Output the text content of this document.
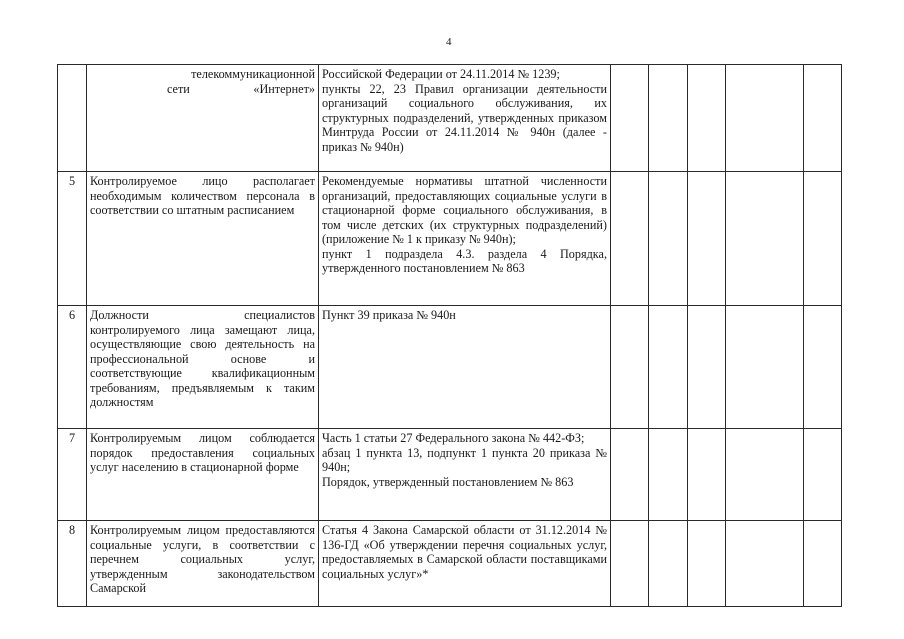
4

	телекоммуникационной сети «Интернет»	Российской Федерации от 24.11.2014 № 1239;
пункты 22, 23 Правил организации деятельности организаций социального обслуживания, их структурных подразделений, утвержденных приказом Минтруда России от 24.11.2014 № 940н (далее - приказ № 940н)					

5	Контролируемое лицо располагает необходимым количеством персонала в соответствии со штатным расписанием	Рекомендуемые нормативы штатной численности организаций, предоставляющих социальные услуги в стационарной форме социального обслуживания, в том числе детских (их структурных подразделений) (приложение № 1 к приказу № 940н);
пункт 1 подраздела 4.3. раздела 4 Порядка, утвержденного постановлением № 863					

6	Должности специалистов контролируемого лица замещают лица, осуществляющие свою деятельность на профессиональной основе и соответствующие квалификационным требованиям, предъявляемым к таким должностям	Пункт 39 приказа № 940н					

7	Контролируемым лицом соблюдается порядок предоставления социальных услуг населению в стационарной форме	Часть 1 статьи 27 Федерального закона № 442-ФЗ;
абзац 1 пункта 13, подпункт 1 пункта 20 приказа № 940н;
Порядок, утвержденный постановлением № 863					

8	Контролируемым лицом предоставляются социальные услуги, в соответствии с перечнем социальных услуг, утвержденным законодательством Самарской	Статья 4 Закона Самарской области от 31.12.2014 № 136-ГД «Об утверждении перечня социальных услуг, предоставляемых в Самарской области поставщиками социальных услуг»*					
